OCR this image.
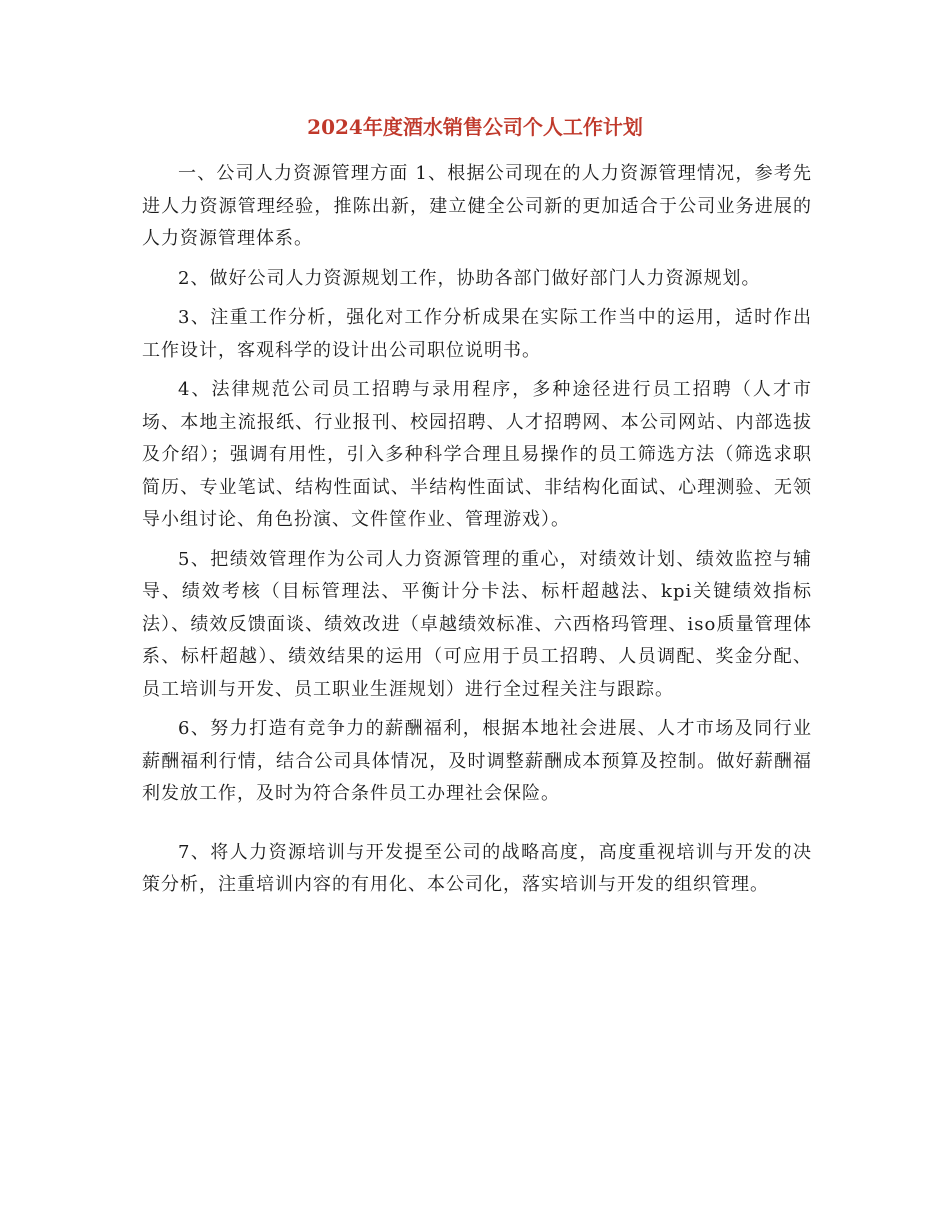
2024年度酒水销售公司个人工作计划

一、公司人力资源管理方面 1、根据公司现在的人力资源管理情况，参考先进人力资源管理经验，推陈出新，建立健全公司新的更加适合于公司业务进展的人力资源管理体系。

2、做好公司人力资源规划工作，协助各部门做好部门人力资源规划。

3、注重工作分析，强化对工作分析成果在实际工作当中的运用，适时作出工作设计，客观科学的设计出公司职位说明书。

4、法律规范公司员工招聘与录用程序，多种途径进行员工招聘（人才市场、本地主流报纸、行业报刊、校园招聘、人才招聘网、本公司网站、内部选拔及介绍）；强调有用性，引入多种科学合理且易操作的员工筛选方法（筛选求职简历、专业笔试、结构性面试、半结构性面试、非结构化面试、心理测验、无领导小组讨论、角色扮演、文件筐作业、管理游戏）。

5、把绩效管理作为公司人力资源管理的重心，对绩效计划、绩效监控与辅导、绩效考核（目标管理法、平衡计分卡法、标杆超越法、kpi关键绩效指标法）、绩效反馈面谈、绩效改进（卓越绩效标准、六西格玛管理、iso质量管理体系、标杆超越）、绩效结果的运用（可应用于员工招聘、人员调配、奖金分配、员工培训与开发、员工职业生涯规划）进行全过程关注与跟踪。

6、努力打造有竞争力的薪酬福利，根据本地社会进展、人才市场及同行业薪酬福利行情，结合公司具体情况，及时调整薪酬成本预算及控制。做好薪酬福利发放工作，及时为符合条件员工办理社会保险。

7、将人力资源培训与开发提至公司的战略高度，高度重视培训与开发的决策分析，注重培训内容的有用化、本公司化，落实培训与开发的组织管理。
